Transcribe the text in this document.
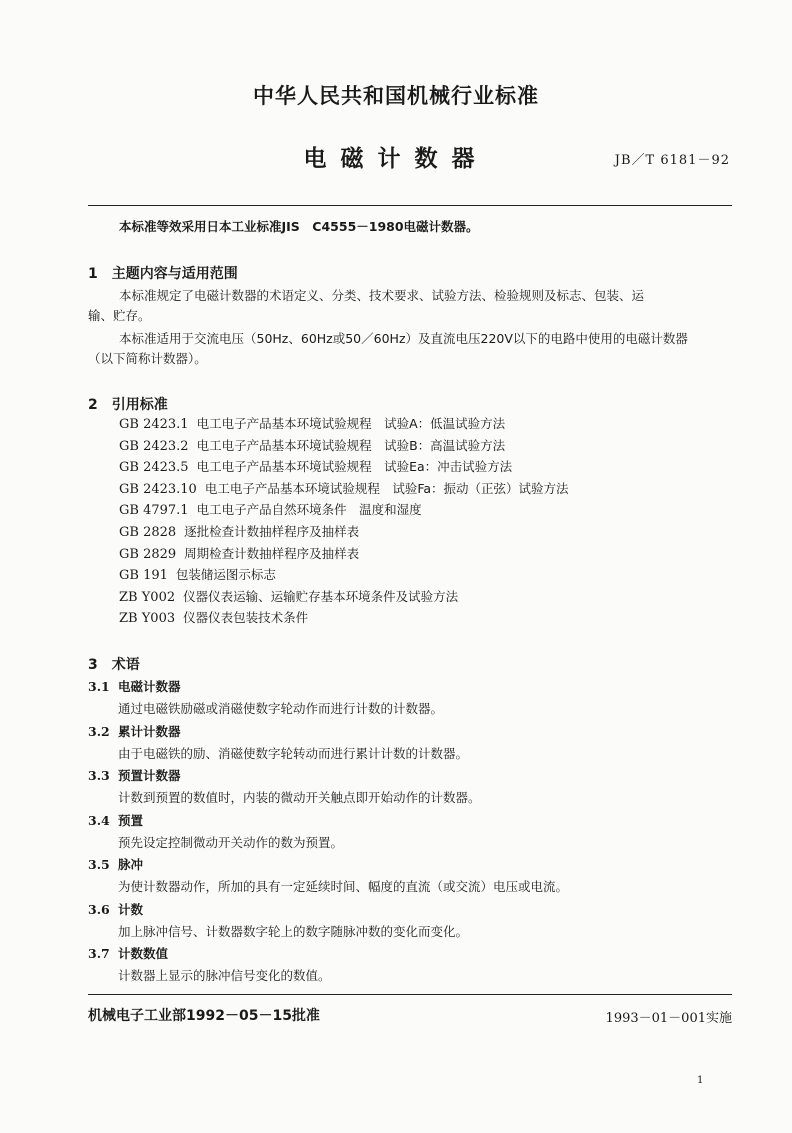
中华人民共和国机械行业标准
电磁计数器	JB／T 6181－92
本标准等效采用日本工业标准JIS　C4555－1980电磁计数器。
1　主题内容与适用范围
本标准规定了电磁计数器的术语定义、分类、技术要求、试验方法、检验规则及标志、包装、运
输、贮存。
本标准适用于交流电压（50Hz、60Hz或50／60Hz）及直流电压220V以下的电路中使用的电磁计数器
（以下简称计数器）。
2　引用标准
GB 2423.1 电工电子产品基本环境试验规程　试验A：低温试验方法
GB 2423.2 电工电子产品基本环境试验规程　试验B：高温试验方法
GB 2423.5 电工电子产品基本环境试验规程　试验Ea：冲击试验方法
GB 2423.10 电工电子产品基本环境试验规程　试验Fa：振动（正弦）试验方法
GB 4797.1 电工电子产品自然环境条件　温度和湿度
GB 2828 逐批检查计数抽样程序及抽样表
GB 2829 周期检查计数抽样程序及抽样表
GB 191 包装储运图示标志
ZB Y002 仪器仪表运输、运输贮存基本环境条件及试验方法
ZB Y003 仪器仪表包装技术条件
3　术语
3.1 电磁计数器
通过电磁铁励磁或消磁使数字轮动作而进行计数的计数器。
3.2 累计计数器
由于电磁铁的励、消磁使数字轮转动而进行累计计数的计数器。
3.3 预置计数器
计数到预置的数值时，内装的微动开关触点即开始动作的计数器。
3.4 预置
预先设定控制微动开关动作的数为预置。
3.5 脉冲
为使计数器动作，所加的具有一定延续时间、幅度的直流（或交流）电压或电流。
3.6 计数
加上脉冲信号、计数器数字轮上的数字随脉冲数的变化而变化。
3.7 计数数值
计数器上显示的脉冲信号变化的数值。
机械电子工业部1992－05－15批准	1993－01－001实施
1
